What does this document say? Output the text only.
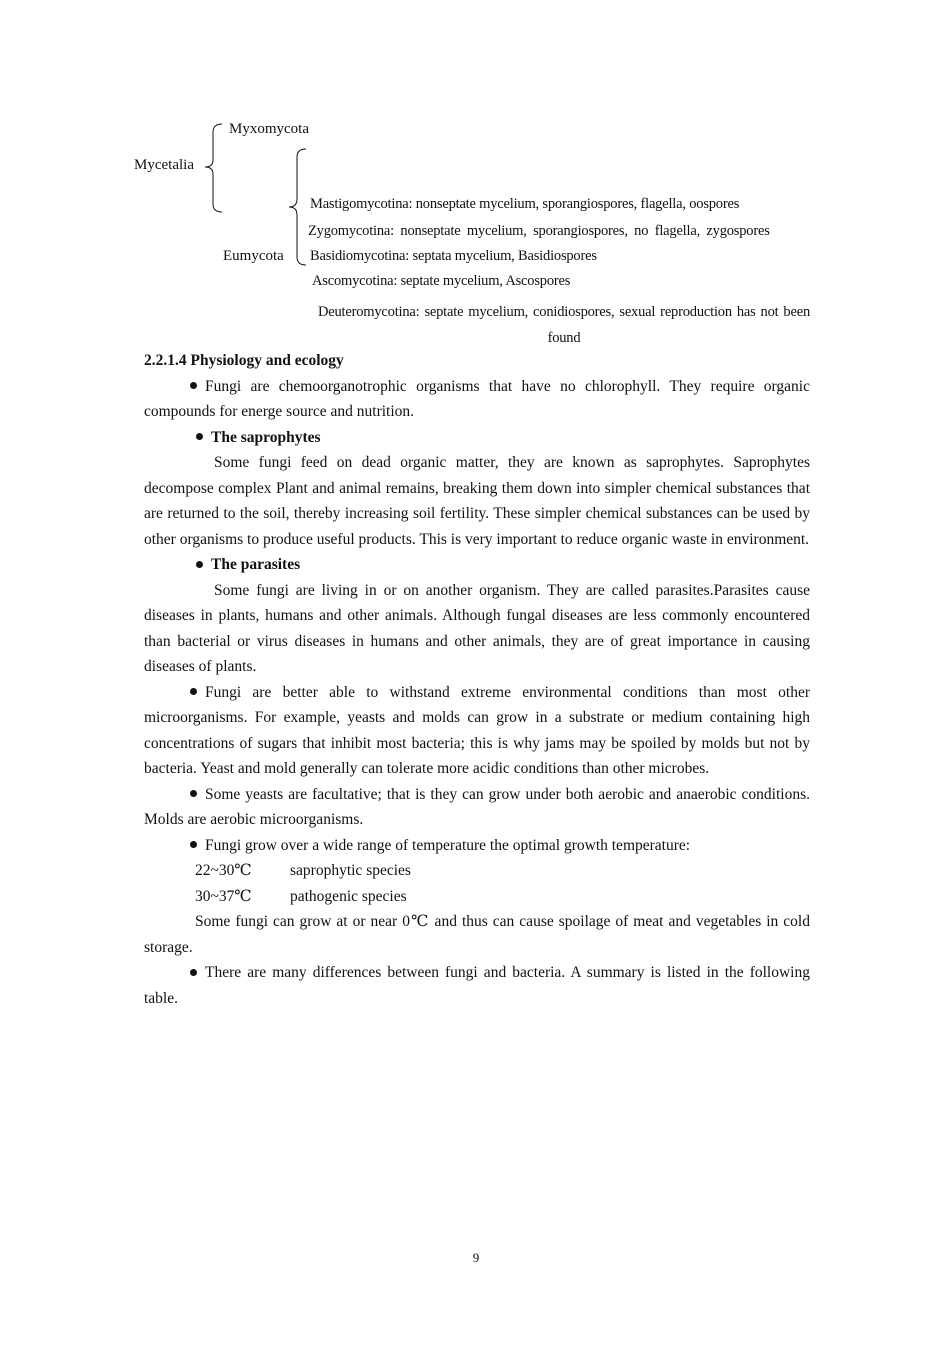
Myxomycota
Mycetalia
Eumycota
Mastigomycotina: nonseptate mycelium, sporangiospores, flagella, oospores
Zygomycotina: nonseptate mycelium, sporangiospores, no flagella, zygospores
Basidiomycotina: septata mycelium, Basidiospores
Ascomycotina: septate mycelium, Ascospores
Deuteromycotina: septate mycelium, conidiospores, sexual reproduction has not been found

2.2.1.4 Physiology and ecology

Fungi are chemoorganotrophic organisms that have no chlorophyll. They require organic compounds for energe source and nutrition.

The saprophytes

Some fungi feed on dead organic matter, they are known as saprophytes. Saprophytes decompose complex Plant and animal remains, breaking them down into simpler chemical substances that are returned to the soil, thereby increasing soil fertility. These simpler chemical substances can be used by other organisms to produce useful products. This is very important to reduce organic waste in environment.

The parasites

Some fungi are living in or on another organism. They are called parasites.Parasites cause diseases in plants, humans and other animals. Although fungal diseases are less commonly encountered than bacterial or virus diseases in humans and other animals, they are of great importance in causing diseases of plants.

Fungi are better able to withstand extreme environmental conditions than most other microorganisms. For example, yeasts and molds can grow in a substrate or medium containing high concentrations of sugars that inhibit most bacteria; this is why jams may be spoiled by molds but not by bacteria. Yeast and mold generally can tolerate more acidic conditions than other microbes.

Some yeasts are facultative; that is they can grow under both aerobic and anaerobic conditions. Molds are aerobic microorganisms.

Fungi grow over a wide range of temperature the optimal growth temperature:

22~30℃	saprophytic species

30~37℃	pathogenic species

Some fungi can grow at or near 0℃ and thus can cause spoilage of meat and vegetables in cold storage.

There are many differences between fungi and bacteria. A summary is listed in the following table.

9
